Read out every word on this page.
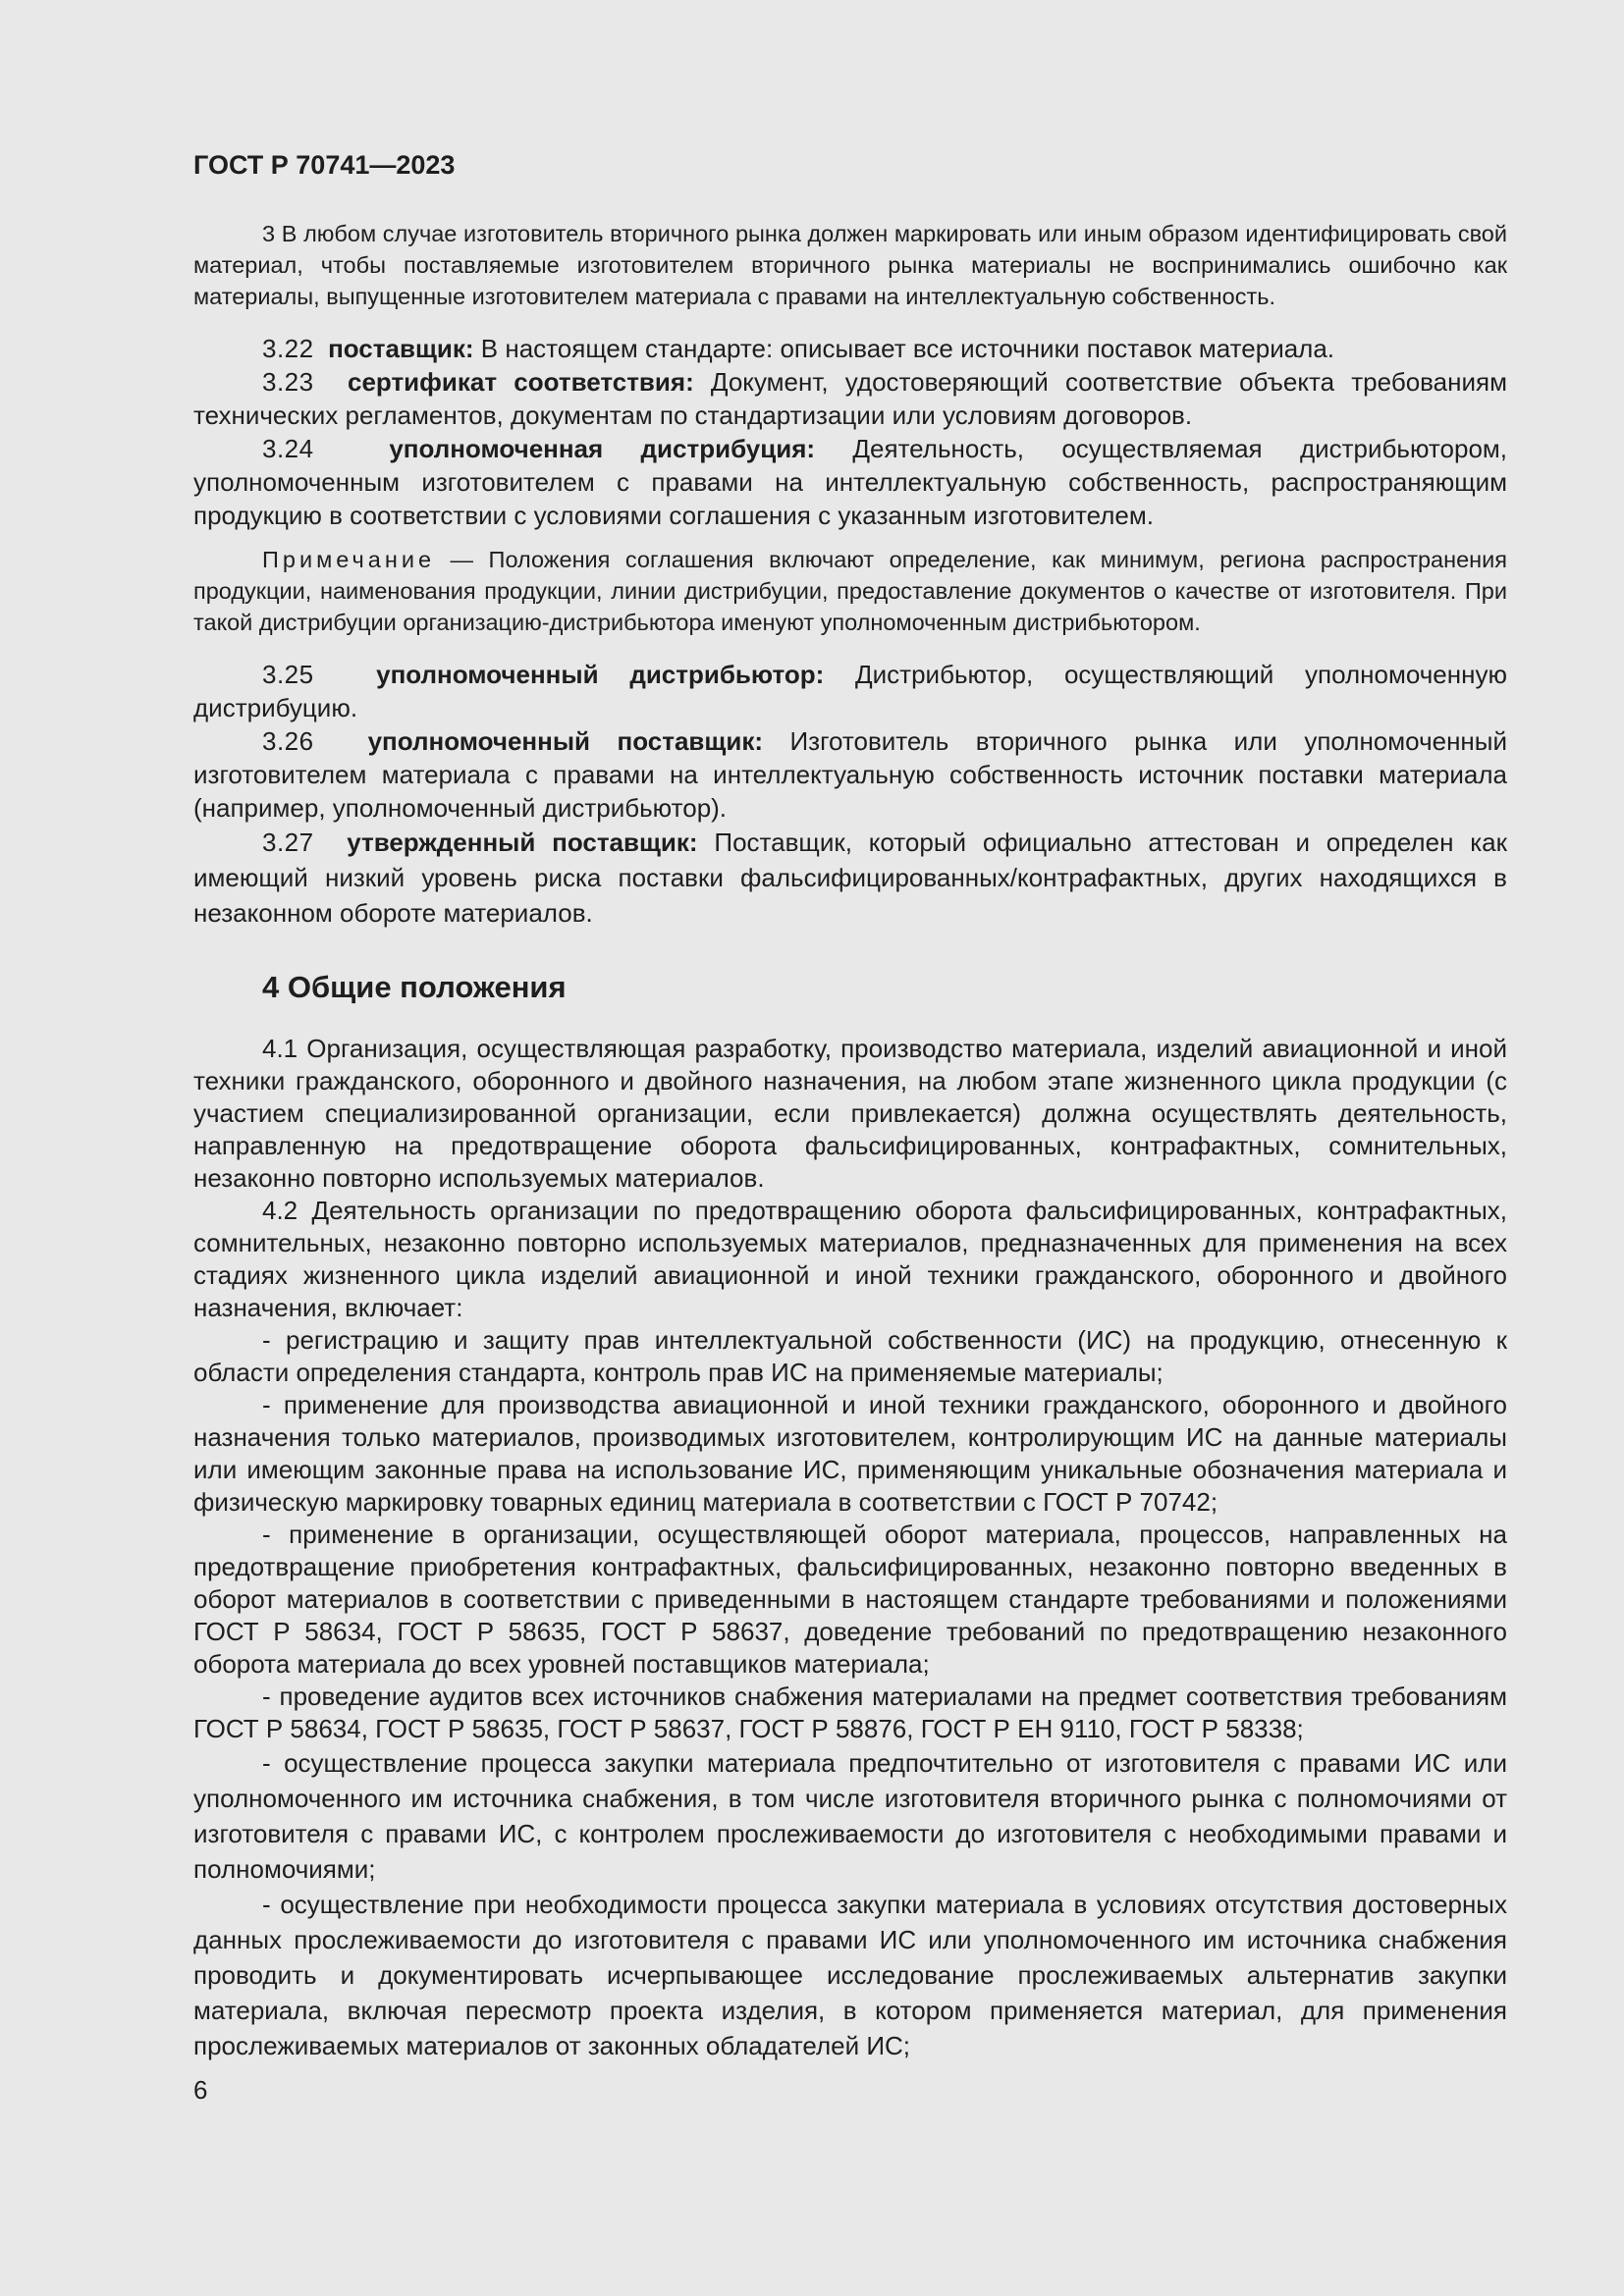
ГОСТ Р 70741—2023

3 В любом случае изготовитель вторичного рынка должен маркировать или иным образом идентифицировать свой материал, чтобы поставляемые изготовителем вторичного рынка материалы не воспринимались ошибочно как материалы, выпущенные изготовителем материала с правами на интеллектуальную собственность.

3.22 поставщик: В настоящем стандарте: описывает все источники поставок материала.

3.23 сертификат соответствия: Документ, удостоверяющий соответствие объекта требованиям технических регламентов, документам по стандартизации или условиям договоров.

3.24	уполномоченная дистрибуция: Деятельность, осуществляемая дистрибьютором, уполномоченным изготовителем с правами на интеллектуальную собственность, распространяющим продукцию в соответствии с условиями соглашения с указанным изготовителем.

Примечание — Положения соглашения включают определение, как минимум, региона распространения продукции, наименования продукции, линии дистрибуции, предоставление документов о качестве от изготовителя. При такой дистрибуции организацию-дистрибьютора именуют уполномоченным дистрибьютором.

3.25 уполномоченный дистрибьютор: Дистрибьютор, осуществляющий уполномоченную дистрибуцию.

3.26 уполномоченный поставщик: Изготовитель вторичного рынка или уполномоченный изготовителем материала с правами на интеллектуальную собственность источник поставки материала (например, уполномоченный дистрибьютор).

3.27 утвержденный поставщик: Поставщик, который официально аттестован и определен как имеющий низкий уровень риска поставки фальсифицированных/контрафактных, других находящихся в незаконном обороте материалов.

4 Общие положения

4.1 Организация, осуществляющая разработку, производство материала, изделий авиационной и иной техники гражданского, оборонного и двойного назначения, на любом этапе жизненного цикла продукции (с участием специализированной организации, если привлекается) должна осуществлять деятельность, направленную на предотвращение оборота фальсифицированных, контрафактных, сомнительных, незаконно повторно используемых материалов.

4.2 Деятельность организации по предотвращению оборота фальсифицированных, контрафактных, сомнительных, незаконно повторно используемых материалов, предназначенных для применения на всех стадиях жизненного цикла изделий авиационной и иной техники гражданского, оборонного и двойного назначения, включает:

- регистрацию и защиту прав интеллектуальной собственности (ИС) на продукцию, отнесенную к области определения стандарта, контроль прав ИС на применяемые материалы;

- применение для производства авиационной и иной техники гражданского, оборонного и двойного назначения только материалов, производимых изготовителем, контролирующим ИС на данные материалы или имеющим законные права на использование ИС, применяющим уникальные обозначения материала и физическую маркировку товарных единиц материала в соответствии с ГОСТ Р 70742;

- применение в организации, осуществляющей оборот материала, процессов, направленных на предотвращение приобретения контрафактных, фальсифицированных, незаконно повторно введенных в оборот материалов в соответствии с приведенными в настоящем стандарте требованиями и положениями ГОСТ Р 58634, ГОСТ Р 58635, ГОСТ Р 58637, доведение требований по предотвращению незаконного оборота материала до всех уровней поставщиков материала;

- проведение аудитов всех источников снабжения материалами на предмет соответствия требованиям ГОСТ Р 58634, ГОСТ Р 58635, ГОСТ Р 58637, ГОСТ Р 58876, ГОСТ Р ЕН 9110, ГОСТ Р 58338;

- осуществление процесса закупки материала предпочтительно от изготовителя с правами ИС или уполномоченного им источника снабжения, в том числе изготовителя вторичного рынка с полномочиями от изготовителя с правами ИС, с контролем прослеживаемости до изготовителя с необходимыми правами и полномочиями;

- осуществление при необходимости процесса закупки материала в условиях отсутствия достоверных данных прослеживаемости до изготовителя с правами ИС или уполномоченного им источника снабжения проводить и документировать исчерпывающее исследование прослеживаемых альтернатив закупки материала, включая пересмотр проекта изделия, в котором применяется материал, для применения прослеживаемых материалов от законных обладателей ИС;

6
